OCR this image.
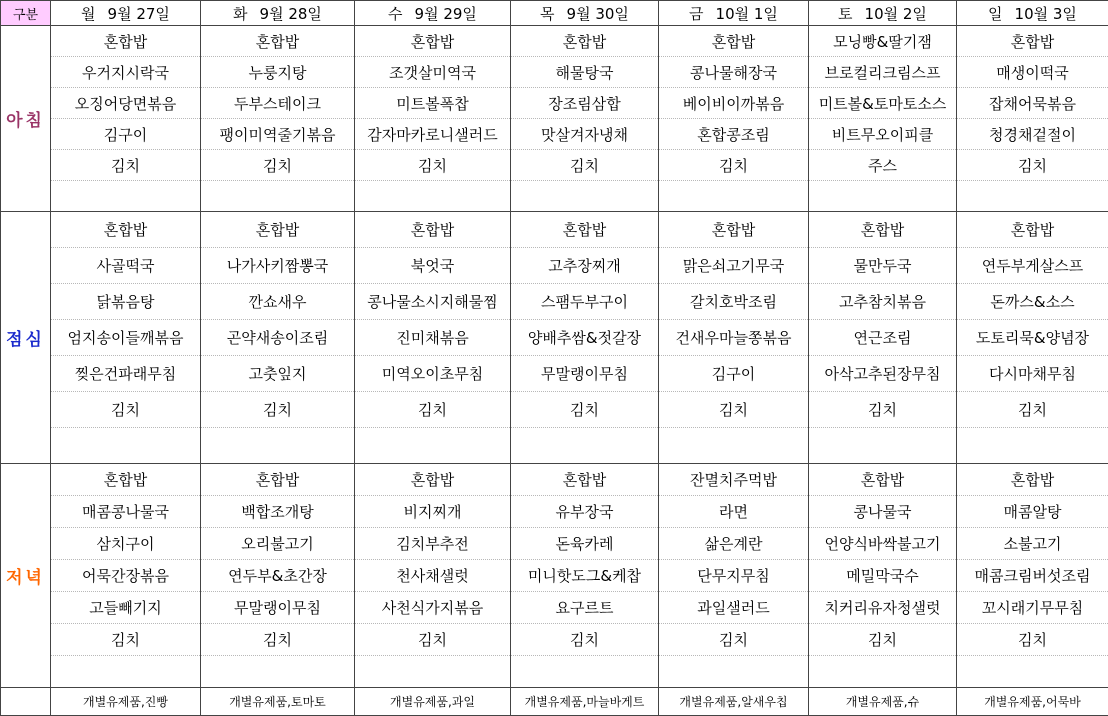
구분	월 9월 27일	화 9월 28일	수 9월 29일	목 9월 30일	금 10월 1일	토 10월 2일	일 10월 3일
아침	혼합밥	혼합밥	혼합밥	혼합밥	혼합밥	모닝빵&딸기잼	혼합밥
	우거지시락국	누룽지탕	조갯살미역국	해물탕국	콩나물해장국	브로컬리크림스프	매생이떡국
	오징어당면볶음	두부스테이크	미트볼폭찹	장조림삼합	베이비이까볶음	미트볼&토마토소스	잡채어묵볶음
	김구이	팽이미역줄기볶음	감자마카로니샐러드	맛살겨자냉채	혼합콩조림	비트무오이피클	청경채겉절이
	김치	김치	김치	김치	김치	주스	김치

점심	혼합밥	혼합밥	혼합밥	혼합밥	혼합밥	혼합밥	혼합밥
	사골떡국	나가사키짬뽕국	북엇국	고추장찌개	맑은쇠고기무국	물만두국	연두부게살스프
	닭볶음탕	깐쇼새우	콩나물소시지해물찜	스팸두부구이	갈치호박조림	고추참치볶음	돈까스&소스
	엄지송이들깨볶음	곤약새송이조림	진미채볶음	양배추쌈&젓갈장	건새우마늘쫑볶음	연근조림	도토리묵&양념장
	찢은건파래무침	고춧잎지	미역오이초무침	무말랭이무침	김구이	아삭고추된장무침	다시마채무침
	김치	김치	김치	김치	김치	김치	김치

저녁	혼합밥	혼합밥	혼합밥	혼합밥	잔멸치주먹밥	혼합밥	혼합밥
	매콤콩나물국	백합조개탕	비지찌개	유부장국	라면	콩나물국	매콤알탕
	삼치구이	오리불고기	김치부추전	돈육카레	삶은계란	언양식바싹불고기	소불고기
	어묵간장볶음	연두부&초간장	천사채샐럿	미니핫도그&케찹	단무지무침	메밀막국수	매콤크림버섯조림
	고들빼기지	무말랭이무침	사천식가지볶음	요구르트	과일샐러드	치커리유자청샐럿	꼬시래기무무침
	김치	김치	김치	김치	김치	김치	김치

	개별유제품,진빵	개별유제품,토마토	개별유제품,과일	개별유제품,마늘바게트	개별유제품,알새우칩	개별유제품,슈	개별유제품,어묵바
